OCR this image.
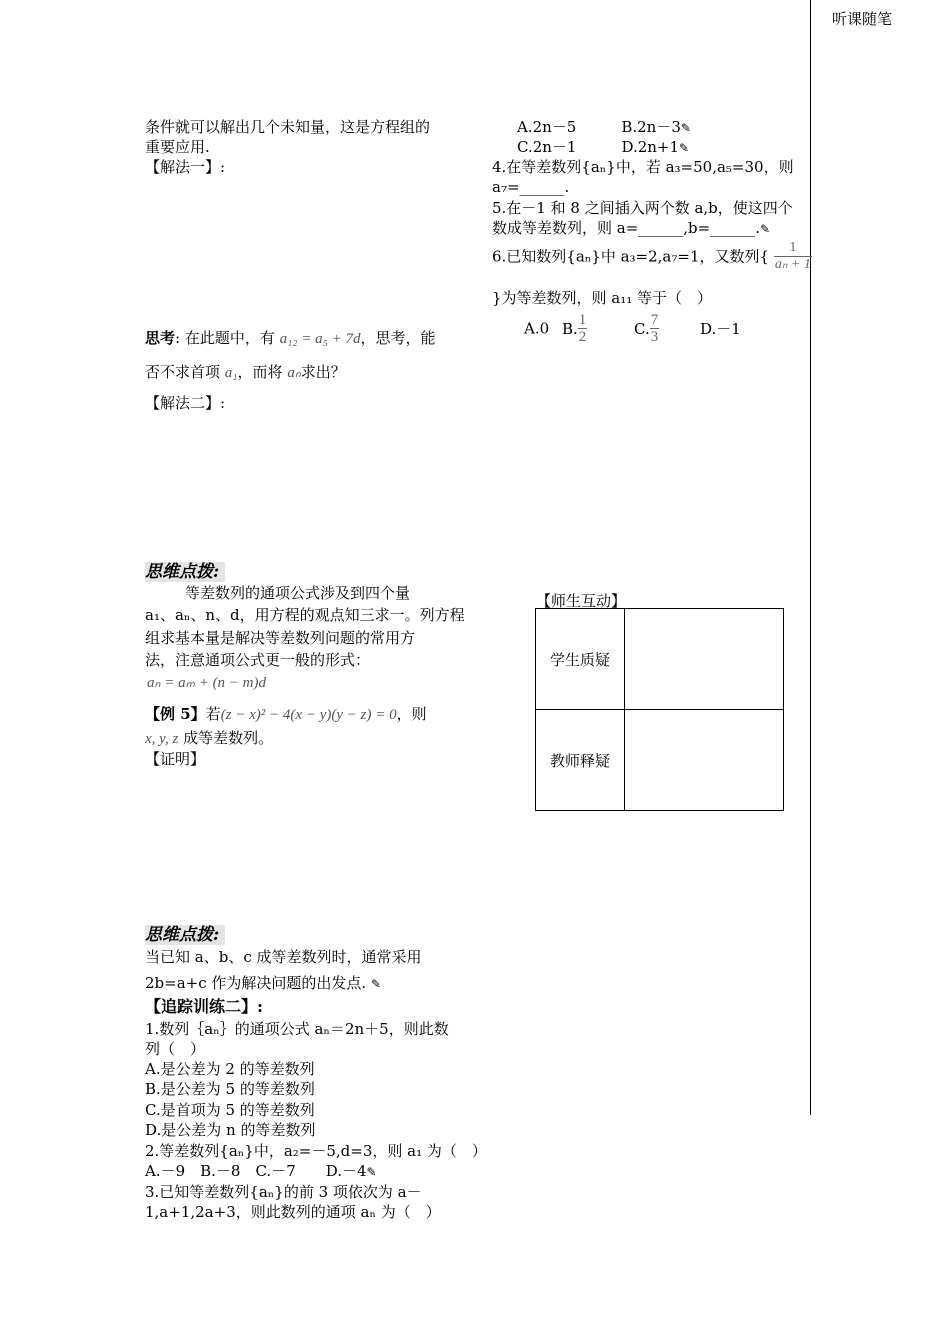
听课随笔
条件就可以解出几个未知量，这是方程组的
重要应用.
【解法一】:
思考: 在此题中，有 a₁₂ = a₅ + 7d，思考，能
否不求首项 a₁，而将 aₙ求出？
【解法二】:
思维点拨:
等差数列的通项公式涉及到四个量
a₁、aₙ、n、d，用方程的观点知三求一。列方程
组求基本量是解决等差数列问题的常用方
法，注意通项公式更一般的形式：
aₙ = aₘ + (n − m)d
【例 5】若(z − x)² − 4(x − y)(y − z) = 0，则
x, y, z 成等差数列。
【证明】
思维点拨:
当已知 a、b、c 成等差数列时，通常采用
2b=a+c 作为解决问题的出发点. ✎
【追踪训练二】:
1.数列｛aₙ｝的通项公式 aₙ＝2n＋5，则此数
列（　）
A.是公差为 2 的等差数列
B.是公差为 5 的等差数列
C.是首项为 5 的等差数列
D.是公差为 n 的等差数列
2.等差数列{aₙ}中，a₂=－5,d=3，则 a₁ 为（　）
A.－9　B.－8　C.－7　　D.－4✎
3.已知等差数列{aₙ}的前 3 项依次为 a－
1,a+1,2a+3，则此数列的通项 aₙ 为（　）
A.2n－5　　　B.2n－3✎
C.2n－1　　　D.2n+1✎
4.在等差数列{aₙ}中，若 a₃=50,a₅=30，则
a₇=______.
5.在－1 和 8 之间插入两个数 a,b，使这四个
数成等差数列，则 a=______,b=______.✎
6.已知数列{aₙ}中 a₃=2,a₇=1，又数列{ $\frac{1}{\text{aₙ + 1}}$
}为等差数列，则 a₁₁ 等于（　）
A.0 B. $\frac{1}{2}$	C. $\frac{7}{3}$	D.－1
【师生互动】
学生质疑	
教师释疑	
